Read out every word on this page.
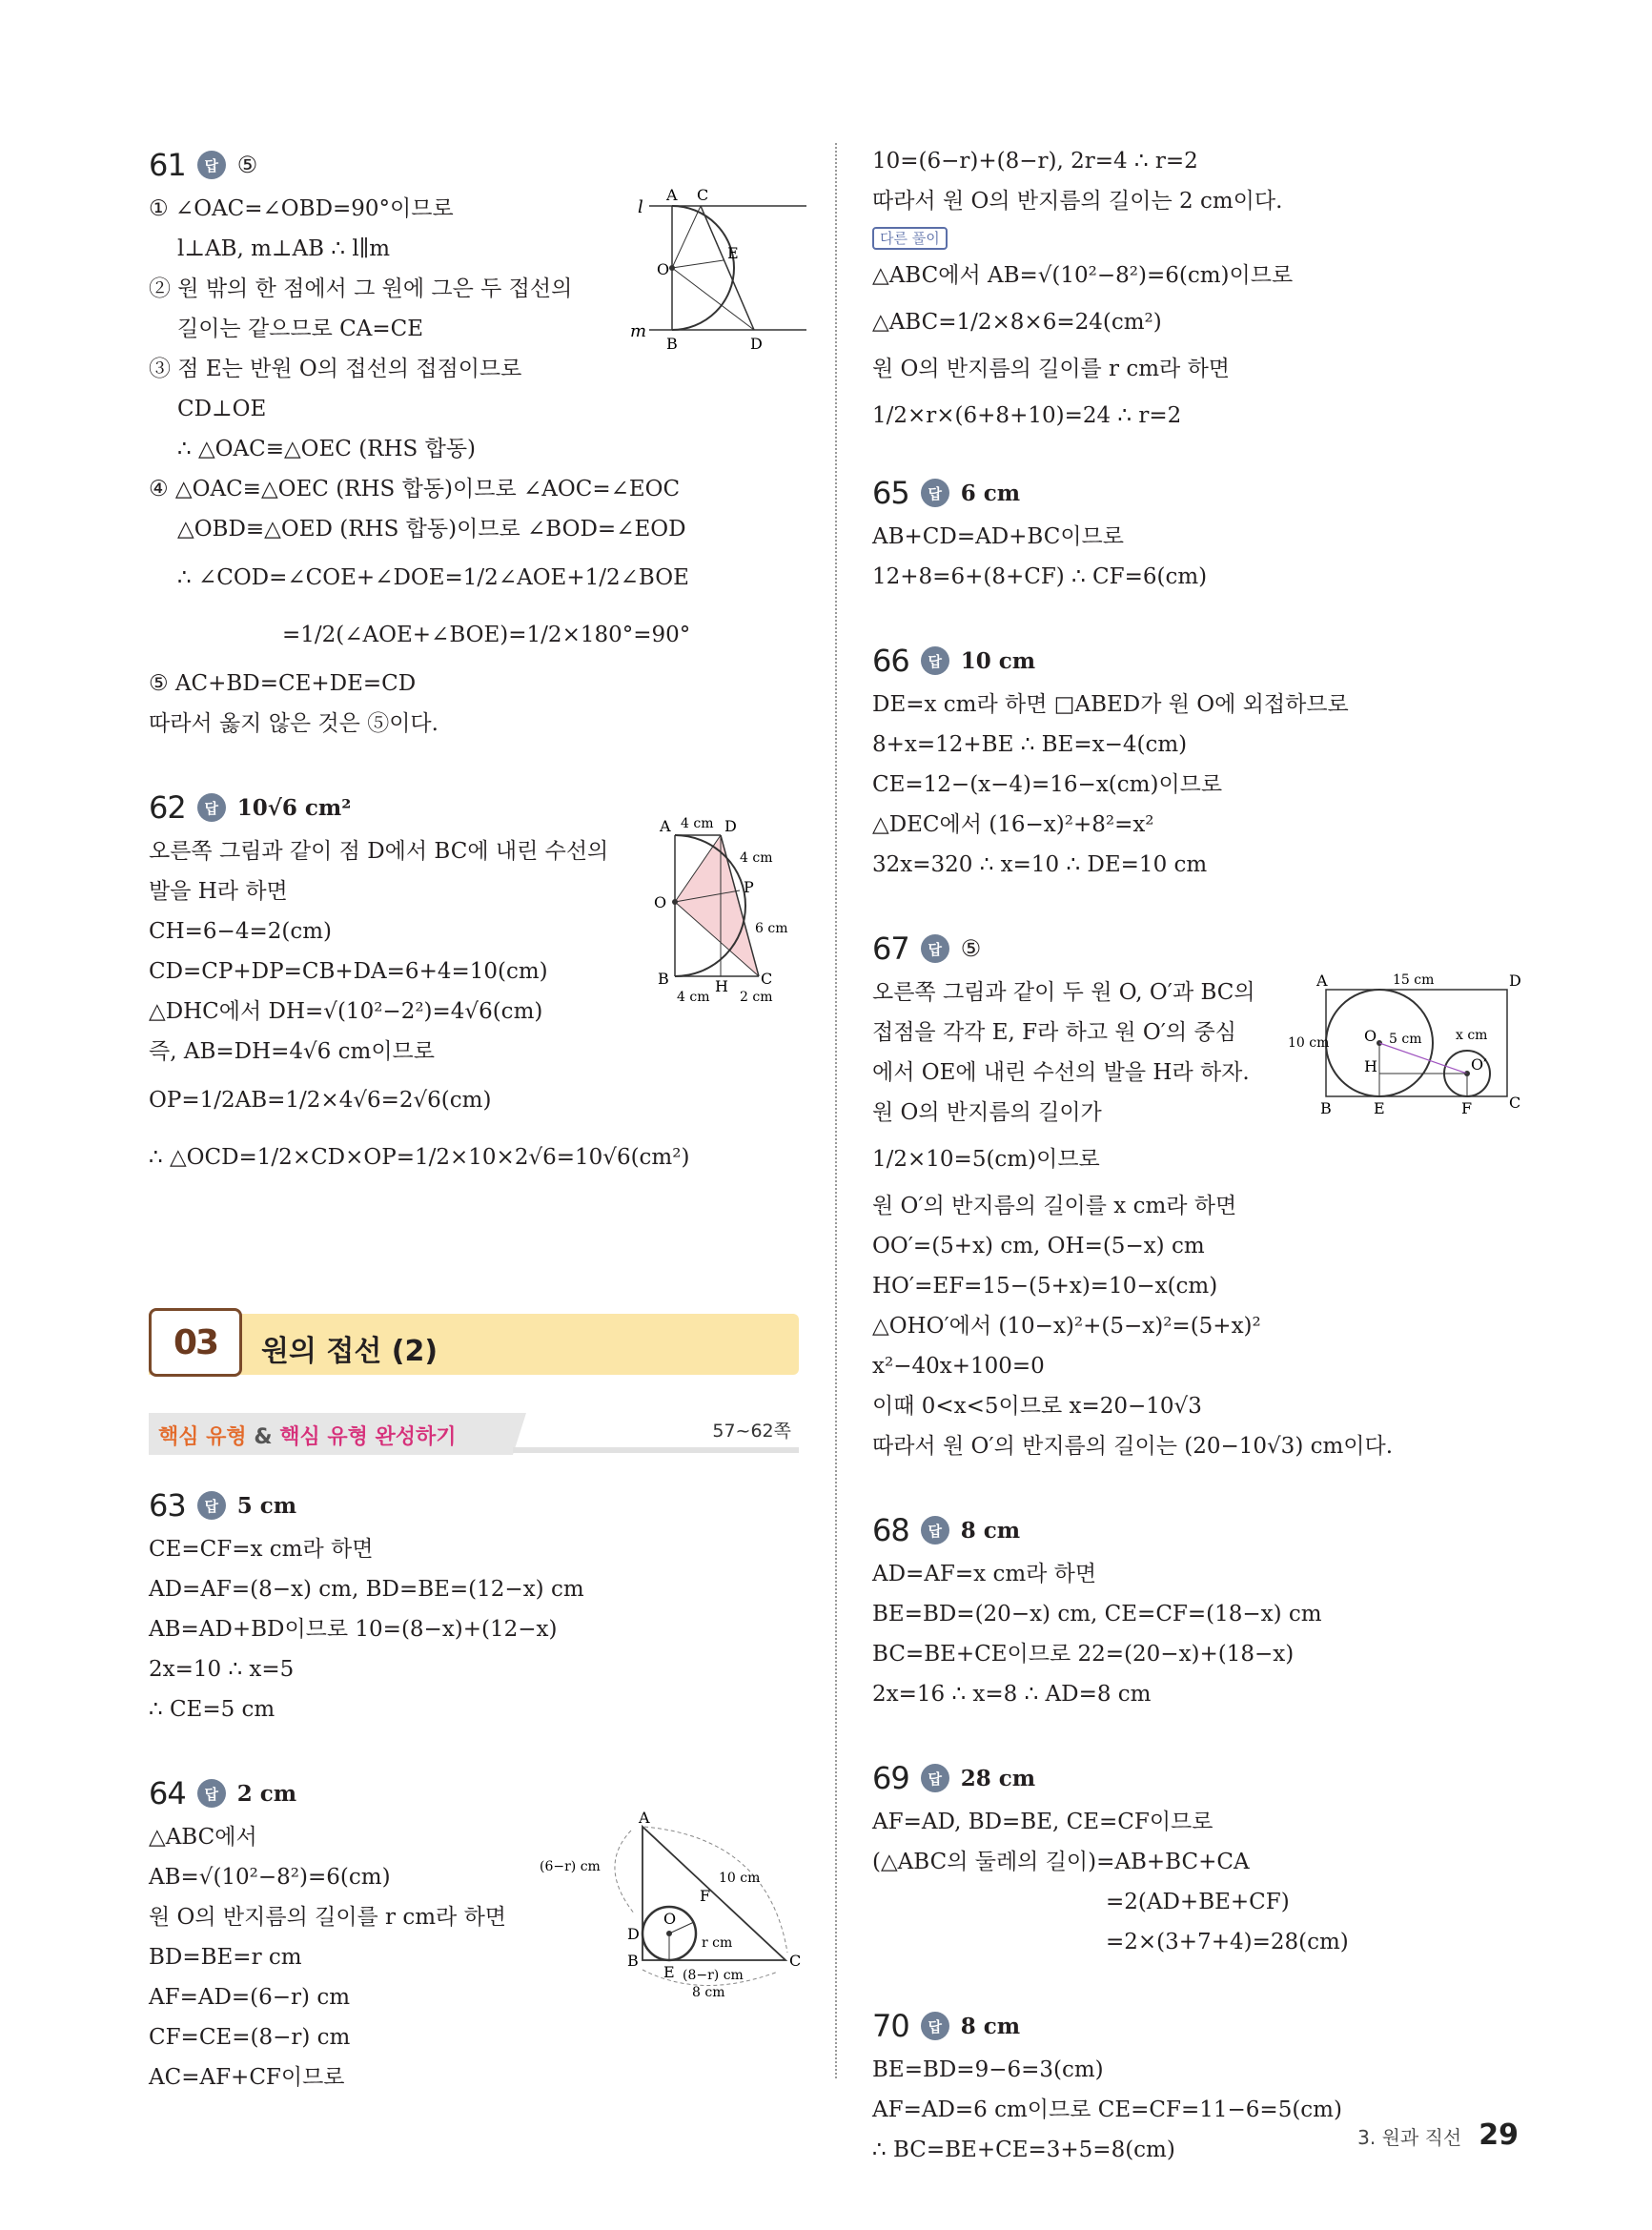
61	답 ⑤
① ∠OAC=∠OBD=90°이므로
l⊥AB, m⊥AB ∴ l∥m
② 원 밖의 한 점에서 그 원에 그은 두 접선의
길이는 같으므로 CA=CE
③ 점 E는 반원 O의 접선의 접점이므로
CD⊥OE
∴ △OAC≡△OEC (RHS 합동)
④ △OAC≡△OEC (RHS 합동)이므로 ∠AOC=∠EOC
△OBD≡△OED (RHS 합동)이므로 ∠BOD=∠EOD
∴ ∠COD=∠COE+∠DOE=1/2∠AOE+1/2∠BOE
=1/2(∠AOE+∠BOE)=1/2×180°=90°
⑤ AC+BD=CE+DE=CD
따라서 옳지 않은 것은 ⑤이다.
l
m
A C
O
E
B	D
62	답 10√6 cm²
오른쪽 그림과 같이 점 D에서 BC에 내린 수선의
발을 H라 하면
CH=6−4=2(cm)
CD=CP+DP=CB+DA=6+4=10(cm)
△DHC에서 DH=√(10²−2²)=4√6(cm)
즉, AB=DH=4√6 cm이므로
OP=1/2AB=1/2×4√6=2√6(cm)
∴ △OCD=1/2×CD×OP=1/2×10×2√6=10√6(cm²)
A	D
O
P
B	H C
4 cm
4 cm
6 cm
4 cm 2 cm
03 원의 접선 (2)
핵심 유형 & 핵심 유형 완성하기	57~62쪽
63	답 5 cm
CE=CF=x cm라 하면
AD=AF=(8−x) cm, BD=BE=(12−x) cm
AB=AD+BD이므로 10=(8−x)+(12−x)
2x=10 ∴ x=5
∴ CE=5 cm
64	답 2 cm
△ABC에서
AB=√(10²−8²)=6(cm)
원 O의 반지름의 길이를 r cm라 하면
BD=BE=r cm
AF=AD=(6−r) cm
CF=CE=(8−r) cm
AC=AF+CF이므로
A
F
O
D
B
E
C
(6−r) cm
10 cm
r cm
(8−r) cm
8 cm
10=(6−r)+(8−r), 2r=4 ∴ r=2
따라서 원 O의 반지름의 길이는 2 cm이다.
다른 풀이
△ABC에서 AB=√(10²−8²)=6(cm)이므로
△ABC=1/2×8×6=24(cm²)
원 O의 반지름의 길이를 r cm라 하면
1/2×r×(6+8+10)=24 ∴ r=2
65	답 6 cm
AB+CD=AD+BC이므로
12+8=6+(8+CF) ∴ CF=6(cm)
66	답 10 cm
DE=x cm라 하면 □ABED가 원 O에 외접하므로
8+x=12+BE ∴ BE=x−4(cm)
CE=12−(x−4)=16−x(cm)이므로
△DEC에서 (16−x)²+8²=x²
32x=320 ∴ x=10 ∴ DE=10 cm
67	답 ⑤
오른쪽 그림과 같이 두 원 O, O′과 BC의
접점을 각각 E, F라 하고 원 O′의 중심
에서 OE에 내린 수선의 발을 H라 하자.
원 O의 반지름의 길이가
1/2×10=5(cm)이므로
원 O′의 반지름의 길이를 x cm라 하면
OO′=(5+x) cm, OH=(5−x) cm
HO′=EF=15−(5+x)=10−x(cm)
△OHO′에서 (10−x)²+(5−x)²=(5+x)²
x²−40x+100=0
이때 0<x<5이므로 x=20−10√3
따라서 원 O′의 반지름의 길이는 (20−10√3) cm이다.
A	D
B	E	F C
O
O′
H
15 cm
10 cm	5 cm	x cm
68	답 8 cm
AD=AF=x cm라 하면
BE=BD=(20−x) cm, CE=CF=(18−x) cm
BC=BE+CE이므로 22=(20−x)+(18−x)
2x=16 ∴ x=8 ∴ AD=8 cm
69	답 28 cm
AF=AD, BD=BE, CE=CF이므로
(△ABC의 둘레의 길이)=AB+BC+CA
=2(AD+BE+CF)
=2×(3+7+4)=28(cm)
70	답 8 cm
BE=BD=9−6=3(cm)
AF=AD=6 cm이므로 CE=CF=11−6=5(cm)
∴ BC=BE+CE=3+5=8(cm)	3. 원과 직선 29
